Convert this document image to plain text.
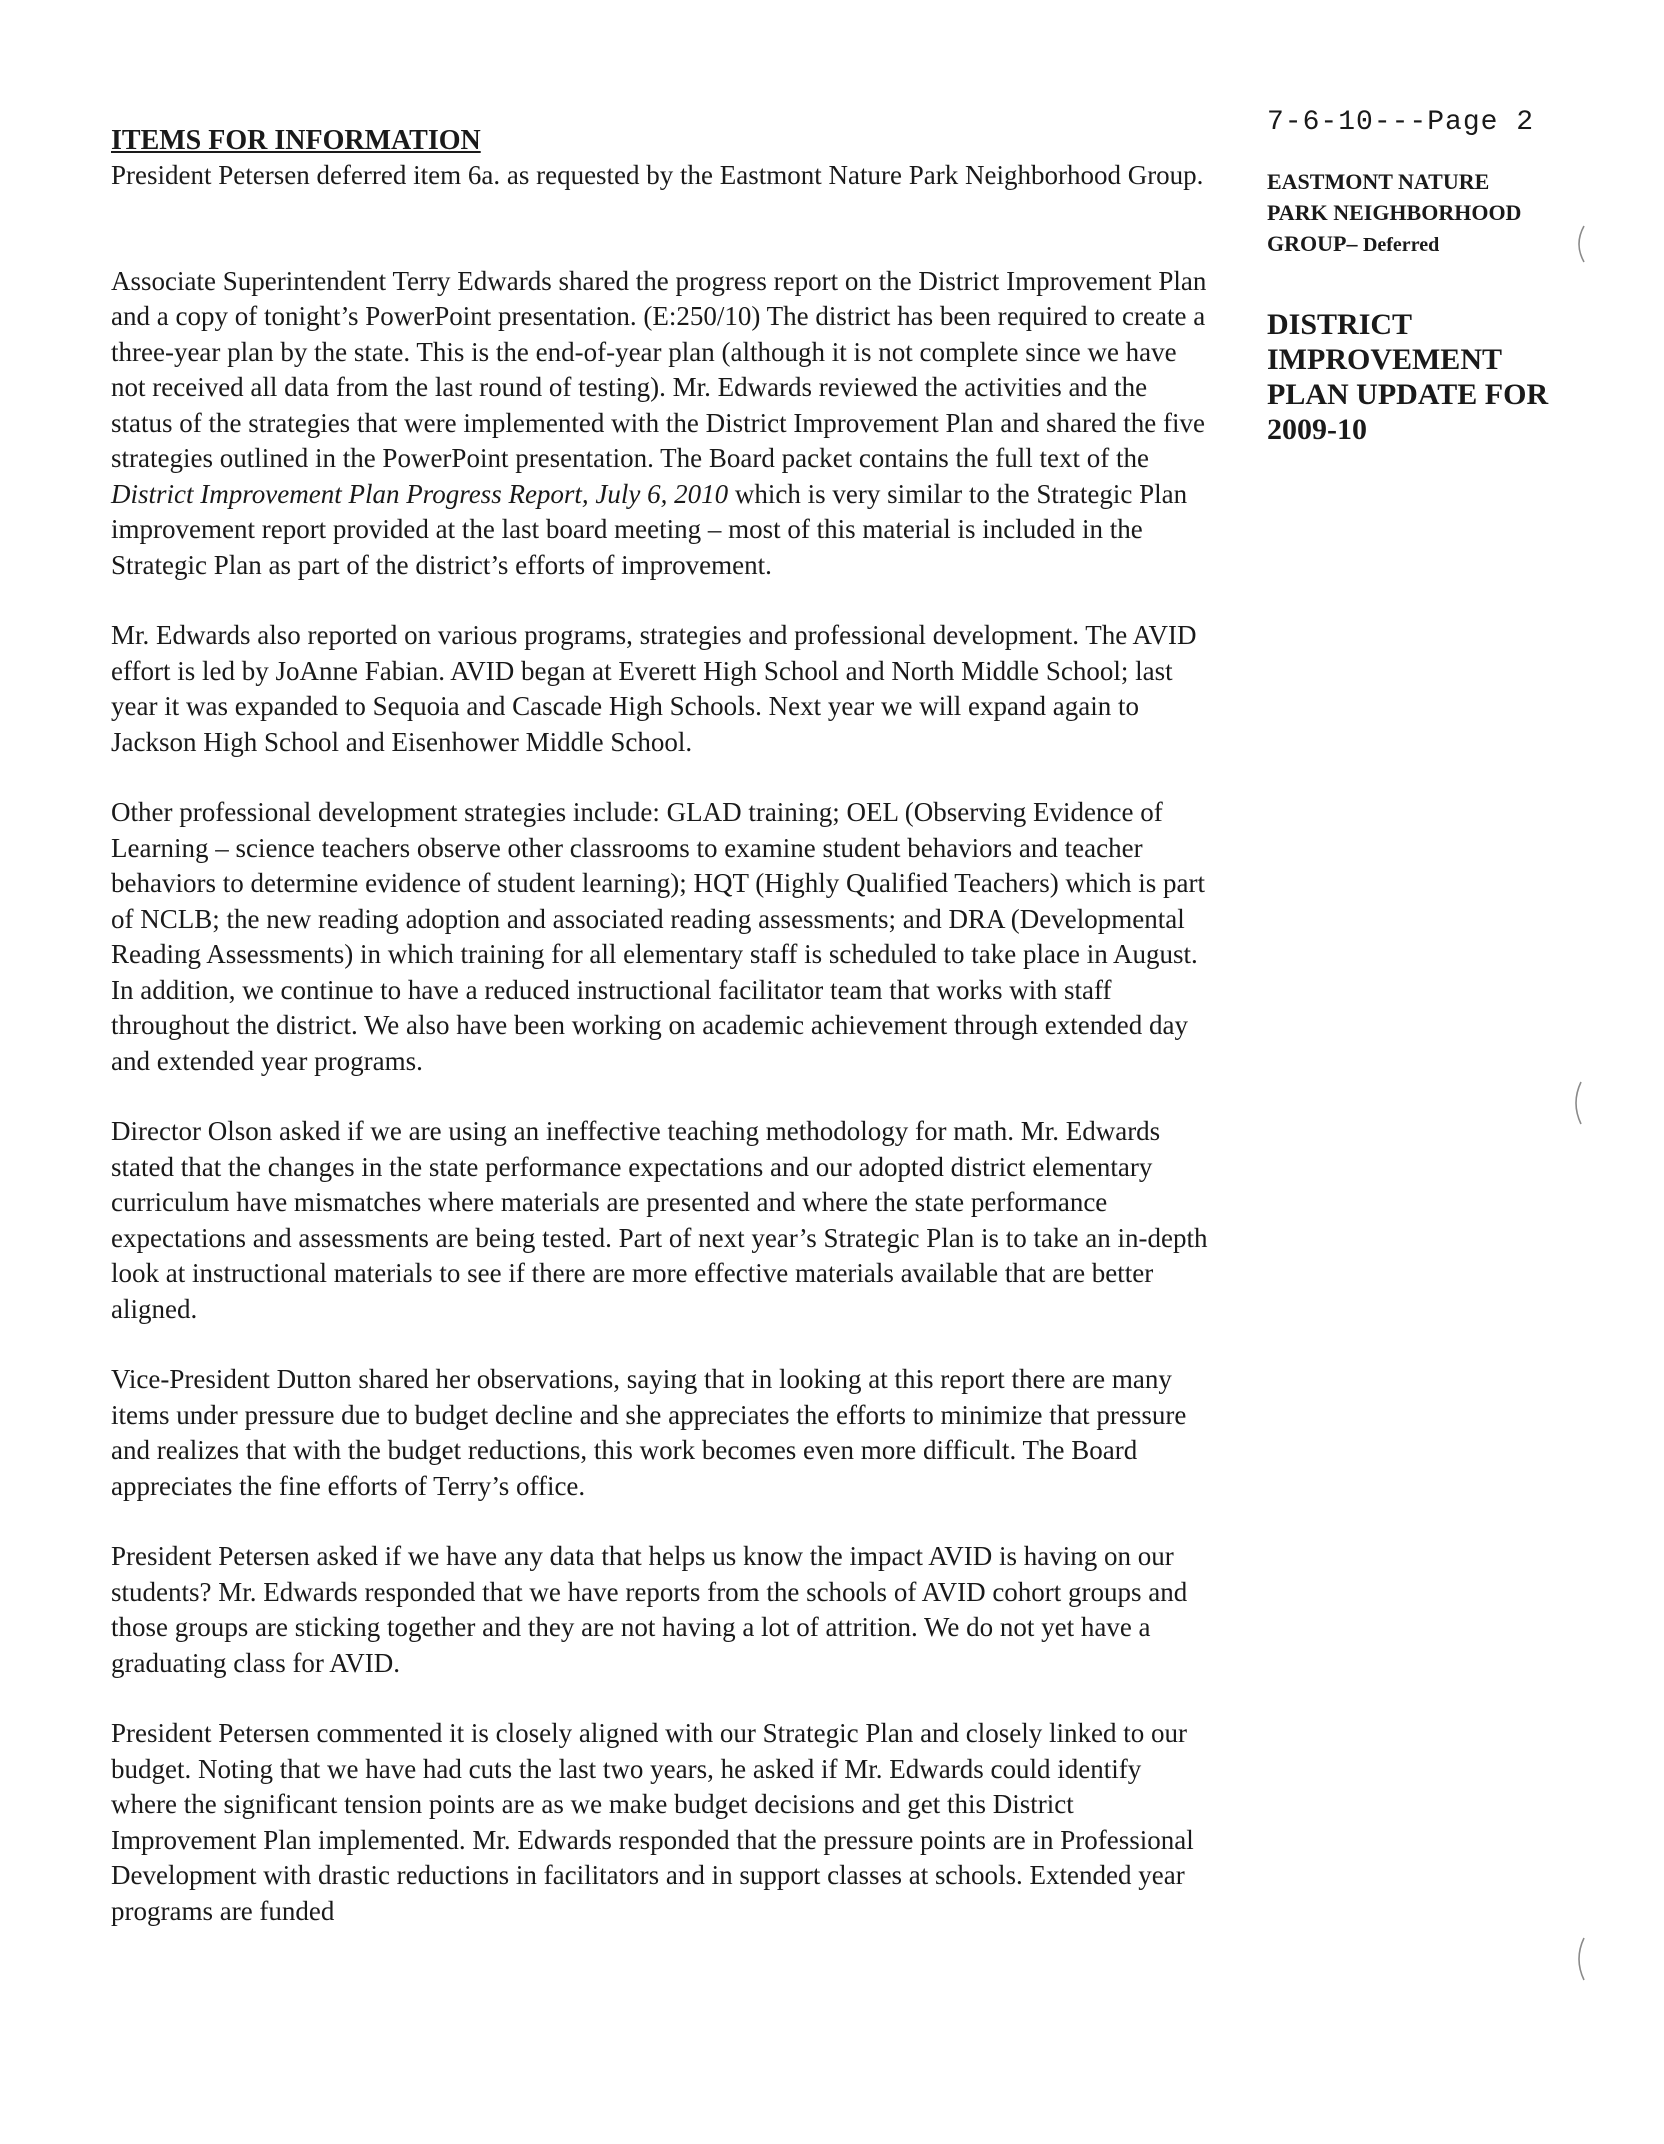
ITEMS FOR INFORMATION

President Petersen deferred item 6a. as requested by the Eastmont Nature Park Neighborhood Group.

Associate Superintendent Terry Edwards shared the progress report on the District Improvement Plan and a copy of tonight’s PowerPoint presentation. (E:250/10) The district has been required to create a three-year plan by the state. This is the end-of-year plan (although it is not complete since we have not received all data from the last round of testing). Mr. Edwards reviewed the activities and the status of the strategies that were implemented with the District Improvement Plan and shared the five strategies outlined in the PowerPoint presentation. The Board packet contains the full text of the District Improvement Plan Progress Report, July 6, 2010 which is very similar to the Strategic Plan improvement report provided at the last board meeting – most of this material is included in the Strategic Plan as part of the district’s efforts of improvement.

Mr. Edwards also reported on various programs, strategies and professional development. The AVID effort is led by JoAnne Fabian. AVID began at Everett High School and North Middle School; last year it was expanded to Sequoia and Cascade High Schools. Next year we will expand again to Jackson High School and Eisenhower Middle School.

Other professional development strategies include: GLAD training; OEL (Observing Evidence of Learning – science teachers observe other classrooms to examine student behaviors and teacher behaviors to determine evidence of student learning); HQT (Highly Qualified Teachers) which is part of NCLB; the new reading adoption and associated reading assessments; and DRA (Developmental Reading Assessments) in which training for all elementary staff is scheduled to take place in August. In addition, we continue to have a reduced instructional facilitator team that works with staff throughout the district. We also have been working on academic achievement through extended day and extended year programs.

Director Olson asked if we are using an ineffective teaching methodology for math. Mr. Edwards stated that the changes in the state performance expectations and our adopted district elementary curriculum have mismatches where materials are presented and where the state performance expectations and assessments are being tested. Part of next year’s Strategic Plan is to take an in-depth look at instructional materials to see if there are more effective materials available that are better aligned.

Vice-President Dutton shared her observations, saying that in looking at this report there are many items under pressure due to budget decline and she appreciates the efforts to minimize that pressure and realizes that with the budget reductions, this work becomes even more difficult. The Board appreciates the fine efforts of Terry’s office.

President Petersen asked if we have any data that helps us know the impact AVID is having on our students? Mr. Edwards responded that we have reports from the schools of AVID cohort groups and those groups are sticking together and they are not having a lot of attrition. We do not yet have a graduating class for AVID.

President Petersen commented it is closely aligned with our Strategic Plan and closely linked to our budget. Noting that we have had cuts the last two years, he asked if Mr. Edwards could identify where the significant tension points are as we make budget decisions and get this District Improvement Plan implemented. Mr. Edwards responded that the pressure points are in Professional Development with drastic reductions in facilitators and in support classes at schools. Extended year programs are funded

7-6-10---Page 2

EASTMONT NATURE
PARK NEIGHBORHOOD
GROUP– Deferred

DISTRICT
IMPROVEMENT
PLAN UPDATE FOR
2009-10
